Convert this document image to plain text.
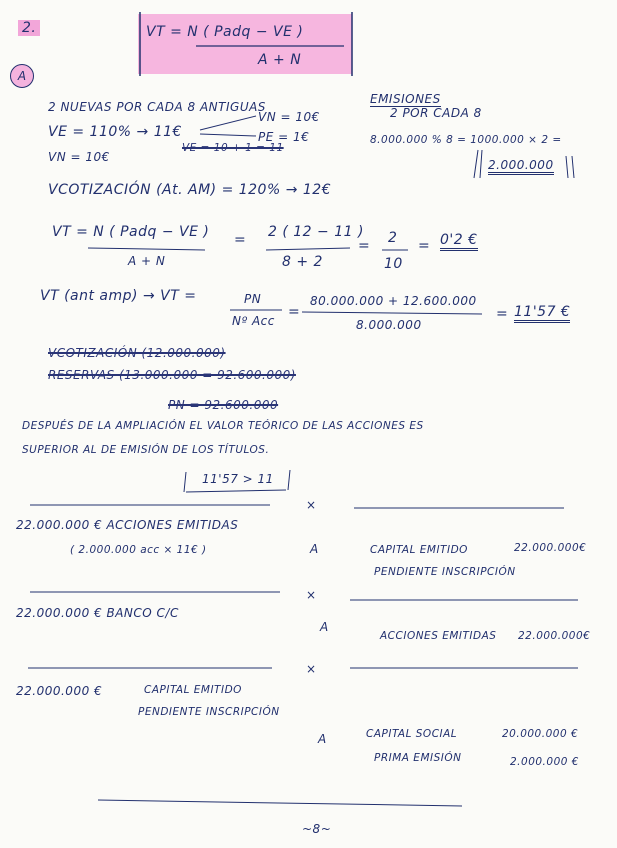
2.	VT = N ( Padq − VE )
A + N
A
2 NUEVAS POR CADA 8 ANTIGUAS
VN = 10€
VE = 110% → 11€	PE = 1€
VE = 10 + 1 = 11
VN = 10€
EMISIONES
2 POR CADA 8
8.000.000 % 8 = 1000.000 × 2 =
2.000.000
VCOTIZACIÓN (At. AM) = 120% → 12€
VT = N ( Padq − VE )
A + N
= 2 ( 12 − 11 )
8 + 2
= 2
10
= 0'2 €
VT (ant amp) → VT =	PN
Nº Acc
=
80.000.000 + 12.600.000
8.000.000
= 11'57 €
VCOTIZACIÓN (12.000.000)
RESERVAS (13.000.000 = 92.600.000)
PN = 92.600.000
DESPUÉS DE LA AMPLIACIÓN EL VALOR TEÓRICO DE LAS ACCIONES ES
SUPERIOR AL DE EMISIÓN DE LOS TÍTULOS.
11'57 > 11
×
22.000.000 € ACCIONES EMITIDAS
( 2.000.000 acc × 11€ )	A	CAPITAL EMITIDO	22.000.000€
PENDIENTE INSCRIPCIÓN
×
22.000.000 € BANCO C/C
A
ACCIONES EMITIDAS 22.000.000€
×
22.000.000 €	CAPITAL EMITIDO
PENDIENTE INSCRIPCIÓN
A	CAPITAL SOCIAL	20.000.000 €
PRIMA EMISIÓN	2.000.000 €
~8~
